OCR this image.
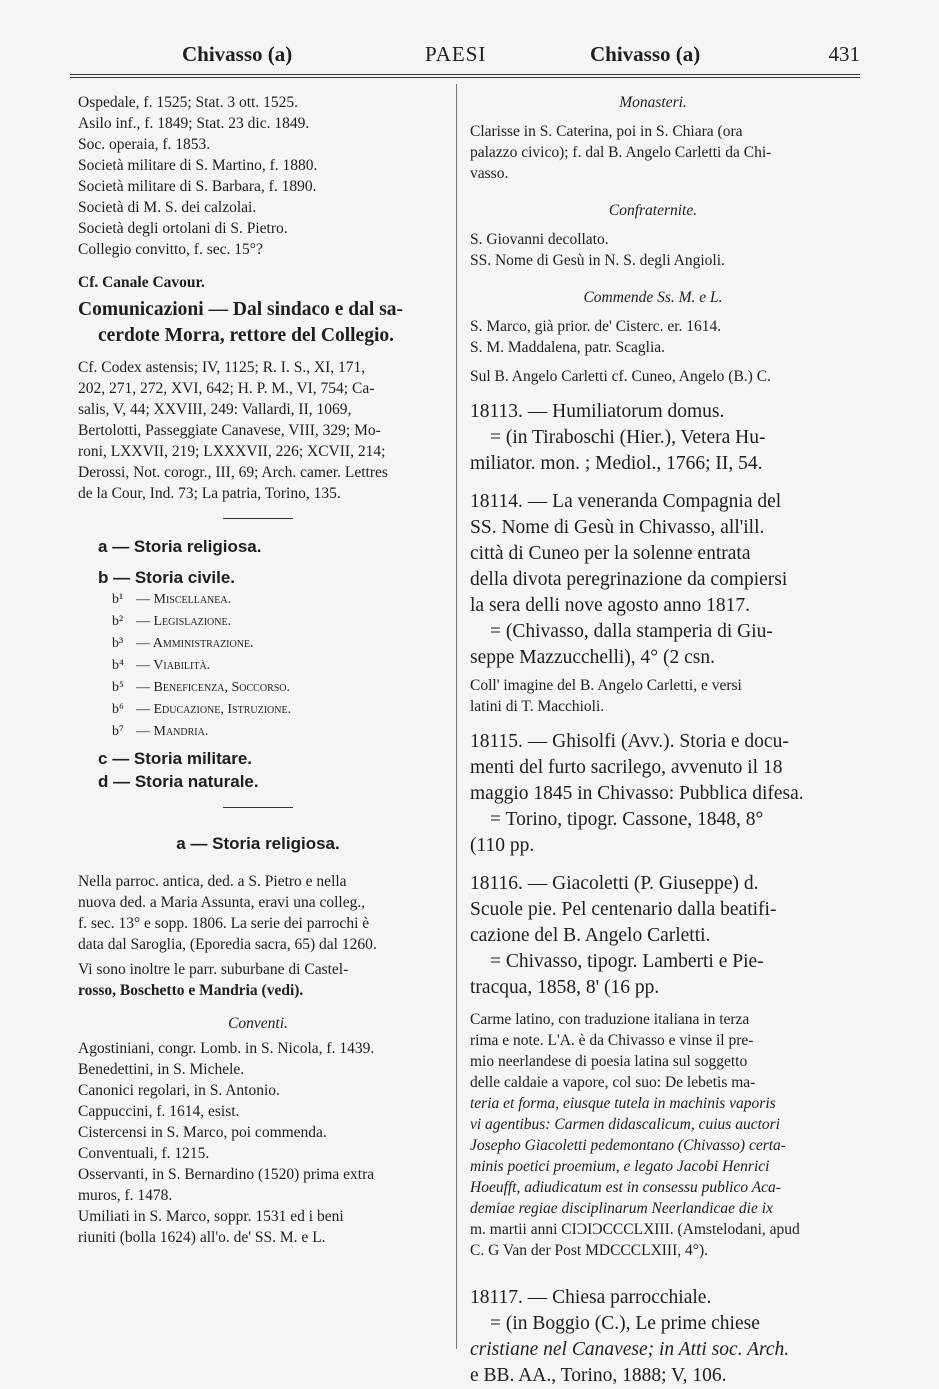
Chivasso (a)	PAESI	Chivasso (a)	431
Ospedale, f. 1525; Stat. 3 ott. 1525.
Asilo inf., f. 1849; Stat. 23 dic. 1849.
Soc. operaia, f. 1853.
Società militare di S. Martino, f. 1880.
Società militare di S. Barbara, f. 1890.
Società di M. S. dei calzolai.
Società degli ortolani di S. Pietro.
Collegio convitto, f. sec. 15°?
Cf. Canale Cavour.
Comunicazioni — Dal sindaco e dal sa-
cerdote Morra, rettore del Collegio.
Cf. Codex astensis; IV, 1125; R. I. S., XI, 171,
202, 271, 272, XVI, 642; H. P. M., VI, 754; Ca-
salis, V, 44; XXVIII, 249: Vallardi, II, 1069,
Bertolotti, Passeggiate Canavese, VIII, 329; Mo-
roni, LXXVII, 219; LXXXVII, 226; XCVII, 214;
Derossi, Not. corogr., III, 69; Arch. camer. Lettres
de la Cour, Ind. 73; La patria, Torino, 135.
a — Storia religiosa.
b — Storia civile.
b¹ — Miscellanea.
b² — Legislazione.
b³ — Amministrazione.
b⁴ — Viabilità.
b⁵ — Beneficenza, Soccorso.
b⁶ — Educazione, Istruzione.
b⁷ — Mandria.
c — Storia militare.
d — Storia naturale.
a — Storia religiosa.
Nella parroc. antica, ded. a S. Pietro e nella
nuova ded. a Maria Assunta, eravi una colleg.,
f. sec. 13° e sopp. 1806. La serie dei parrochi è
data dal Saroglia, (Eporedia sacra, 65) dal 1260.
Vi sono inoltre le parr. suburbane di Castel-
rosso, Boschetto e Mandria (vedi).
Conventi.
Agostiniani, congr. Lomb. in S. Nicola, f. 1439.
Benedettini, in S. Michele.
Canonici regolari, in S. Antonio.
Cappuccini, f. 1614, esist.
Cistercensi in S. Marco, poi commenda.
Conventuali, f. 1215.
Osservanti, in S. Bernardino (1520) prima extra
muros, f. 1478.
Umiliati in S. Marco, soppr. 1531 ed i beni
riuniti (bolla 1624) all'o. de' SS. M. e L.
Monasteri.
Clarisse in S. Caterina, poi in S. Chiara (ora
palazzo civico); f. dal B. Angelo Carletti da Chi-
vasso.
Confraternite.
S. Giovanni decollato.
SS. Nome di Gesù in N. S. degli Angioli.
Commende Ss. M. e L.
S. Marco, già prior. de' Cisterc. er. 1614.
S. M. Maddalena, patr. Scaglia.
Sul B. Angelo Carletti cf. Cuneo, Angelo (B.) C.
18113. — Humiliatorum domus.
= (in Tiraboschi (Hier.), Vetera Hu-
miliator. mon. ; Mediol., 1766; II, 54.
18114. — La veneranda Compagnia del
SS. Nome di Gesù in Chivasso, all'ill.
città di Cuneo per la solenne entrata
della divota peregrinazione da compiersi
la sera delli nove agosto anno 1817.
= (Chivasso, dalla stamperia di Giu-
seppe Mazzucchelli), 4° (2 csn.
Coll' imagine del B. Angelo Carletti, e versi
latini di T. Macchioli.
18115. — Ghisolfi (Avv.). Storia e docu-
menti del furto sacrilego, avvenuto il 18
maggio 1845 in Chivasso: Pubblica difesa.
= Torino, tipogr. Cassone, 1848, 8°
(110 pp.
18116. — Giacoletti (P. Giuseppe) d.
Scuole pie. Pel centenario dalla beatifi-
cazione del B. Angelo Carletti.
= Chivasso, tipogr. Lamberti e Pie-
tracqua, 1858, 8' (16 pp.
Carme latino, con traduzione italiana in terza
rima e note. L'A. è da Chivasso e vinse il pre-
mio neerlandese di poesia latina sul soggetto
delle caldaie a vapore, col suo: De lebetis ma-
teria et forma, eiusque tutela in machinis vaporis
vi agentibus: Carmen didascalicum, cuius auctori
Josepho Giacoletti pedemontano (Chivasso) certa-
minis poetici proemium, e legato Jacobi Henrici
Hoeufft, adiudicatum est in consessu publico Aca-
demiae regiae disciplinarum Neerlandicae die ix
m. martii anni CIƆIƆCCCLXIII. (Amstelodani, apud
C. G Van der Post MDCCCLXIII, 4°).
18117. — Chiesa parrocchiale.
= (in Boggio (C.), Le prime chiese
cristiane nel Canavese; in Atti soc. Arch.
e BB. AA., Torino, 1888; V, 106.
